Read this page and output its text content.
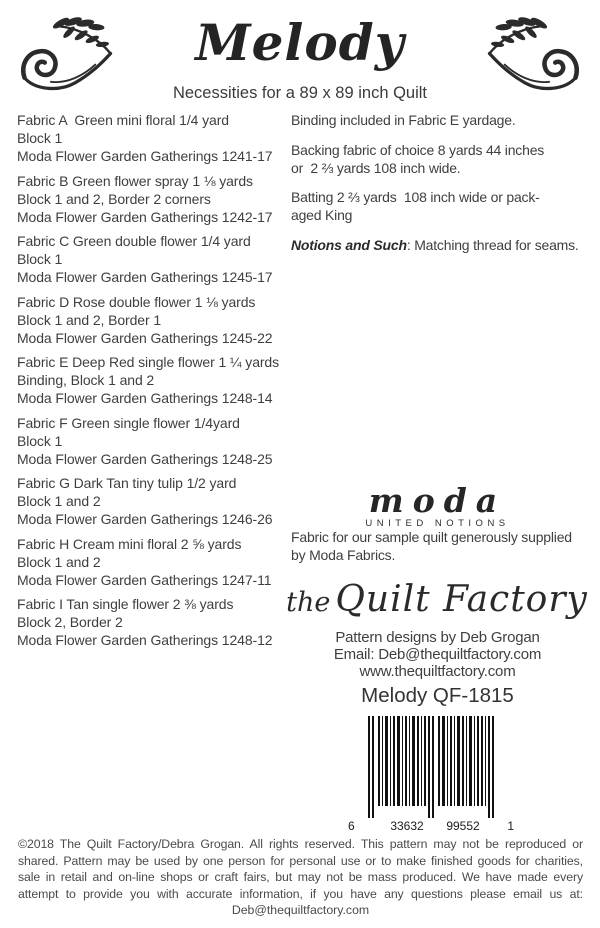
Melody
Necessities for a 89 x 89 inch Quilt
Fabric A  Green mini floral 1/4 yard
Block 1
Moda Flower Garden Gatherings 1241-17
Fabric B Green flower spray 1 ⅛ yards
Block 1 and 2, Border 2 corners
Moda Flower Garden Gatherings 1242-17
Fabric C Green double flower 1/4 yard
Block 1
Moda Flower Garden Gatherings 1245-17
Fabric D Rose double flower 1 ⅛ yards
Block 1 and 2, Border 1
Moda Flower Garden Gatherings 1245-22
Fabric E Deep Red single flower 1 ¼ yards
Binding, Block 1 and 2
Moda Flower Garden Gatherings 1248-14
Fabric F Green single flower 1/4yard
Block 1
Moda Flower Garden Gatherings 1248-25
Fabric G Dark Tan tiny tulip 1/2 yard
Block 1 and 2
Moda Flower Garden Gatherings 1246-26
Fabric H Cream mini floral 2 ⅝ yards
Block 1 and 2
Moda Flower Garden Gatherings 1247-11
Fabric I Tan single flower 2 ⅜ yards
Block 2, Border 2
Moda Flower Garden Gatherings 1248-12

Binding included in Fabric E yardage.

Backing fabric of choice 8 yards 44 inches
or  2 ⅔ yards 108 inch wide.

Batting 2 ⅔ yards  108 inch wide or pack-
aged King

Notions and Such: Matching thread for seams.

moda
UNITED NOTIONS
Fabric for our sample quilt generously supplied
by Moda Fabrics.
the Quilt Factory
Pattern designs by Deb Grogan
Email: Deb@thequiltfactory.com
www.thequiltfactory.com
Melody QF-1815
6	33632	99552	1
©2018 The Quilt Factory/Debra Grogan. All rights reserved. This pattern may not be reproduced or
shared. Pattern may be used by one person for personal use or to make finished goods for charities,
sale in retail and on-line shops or craft fairs, but may not be mass produced. We have made every
attempt to provide you with accurate information, if you have any questions please email us at:
Deb@thequiltfactory.com
